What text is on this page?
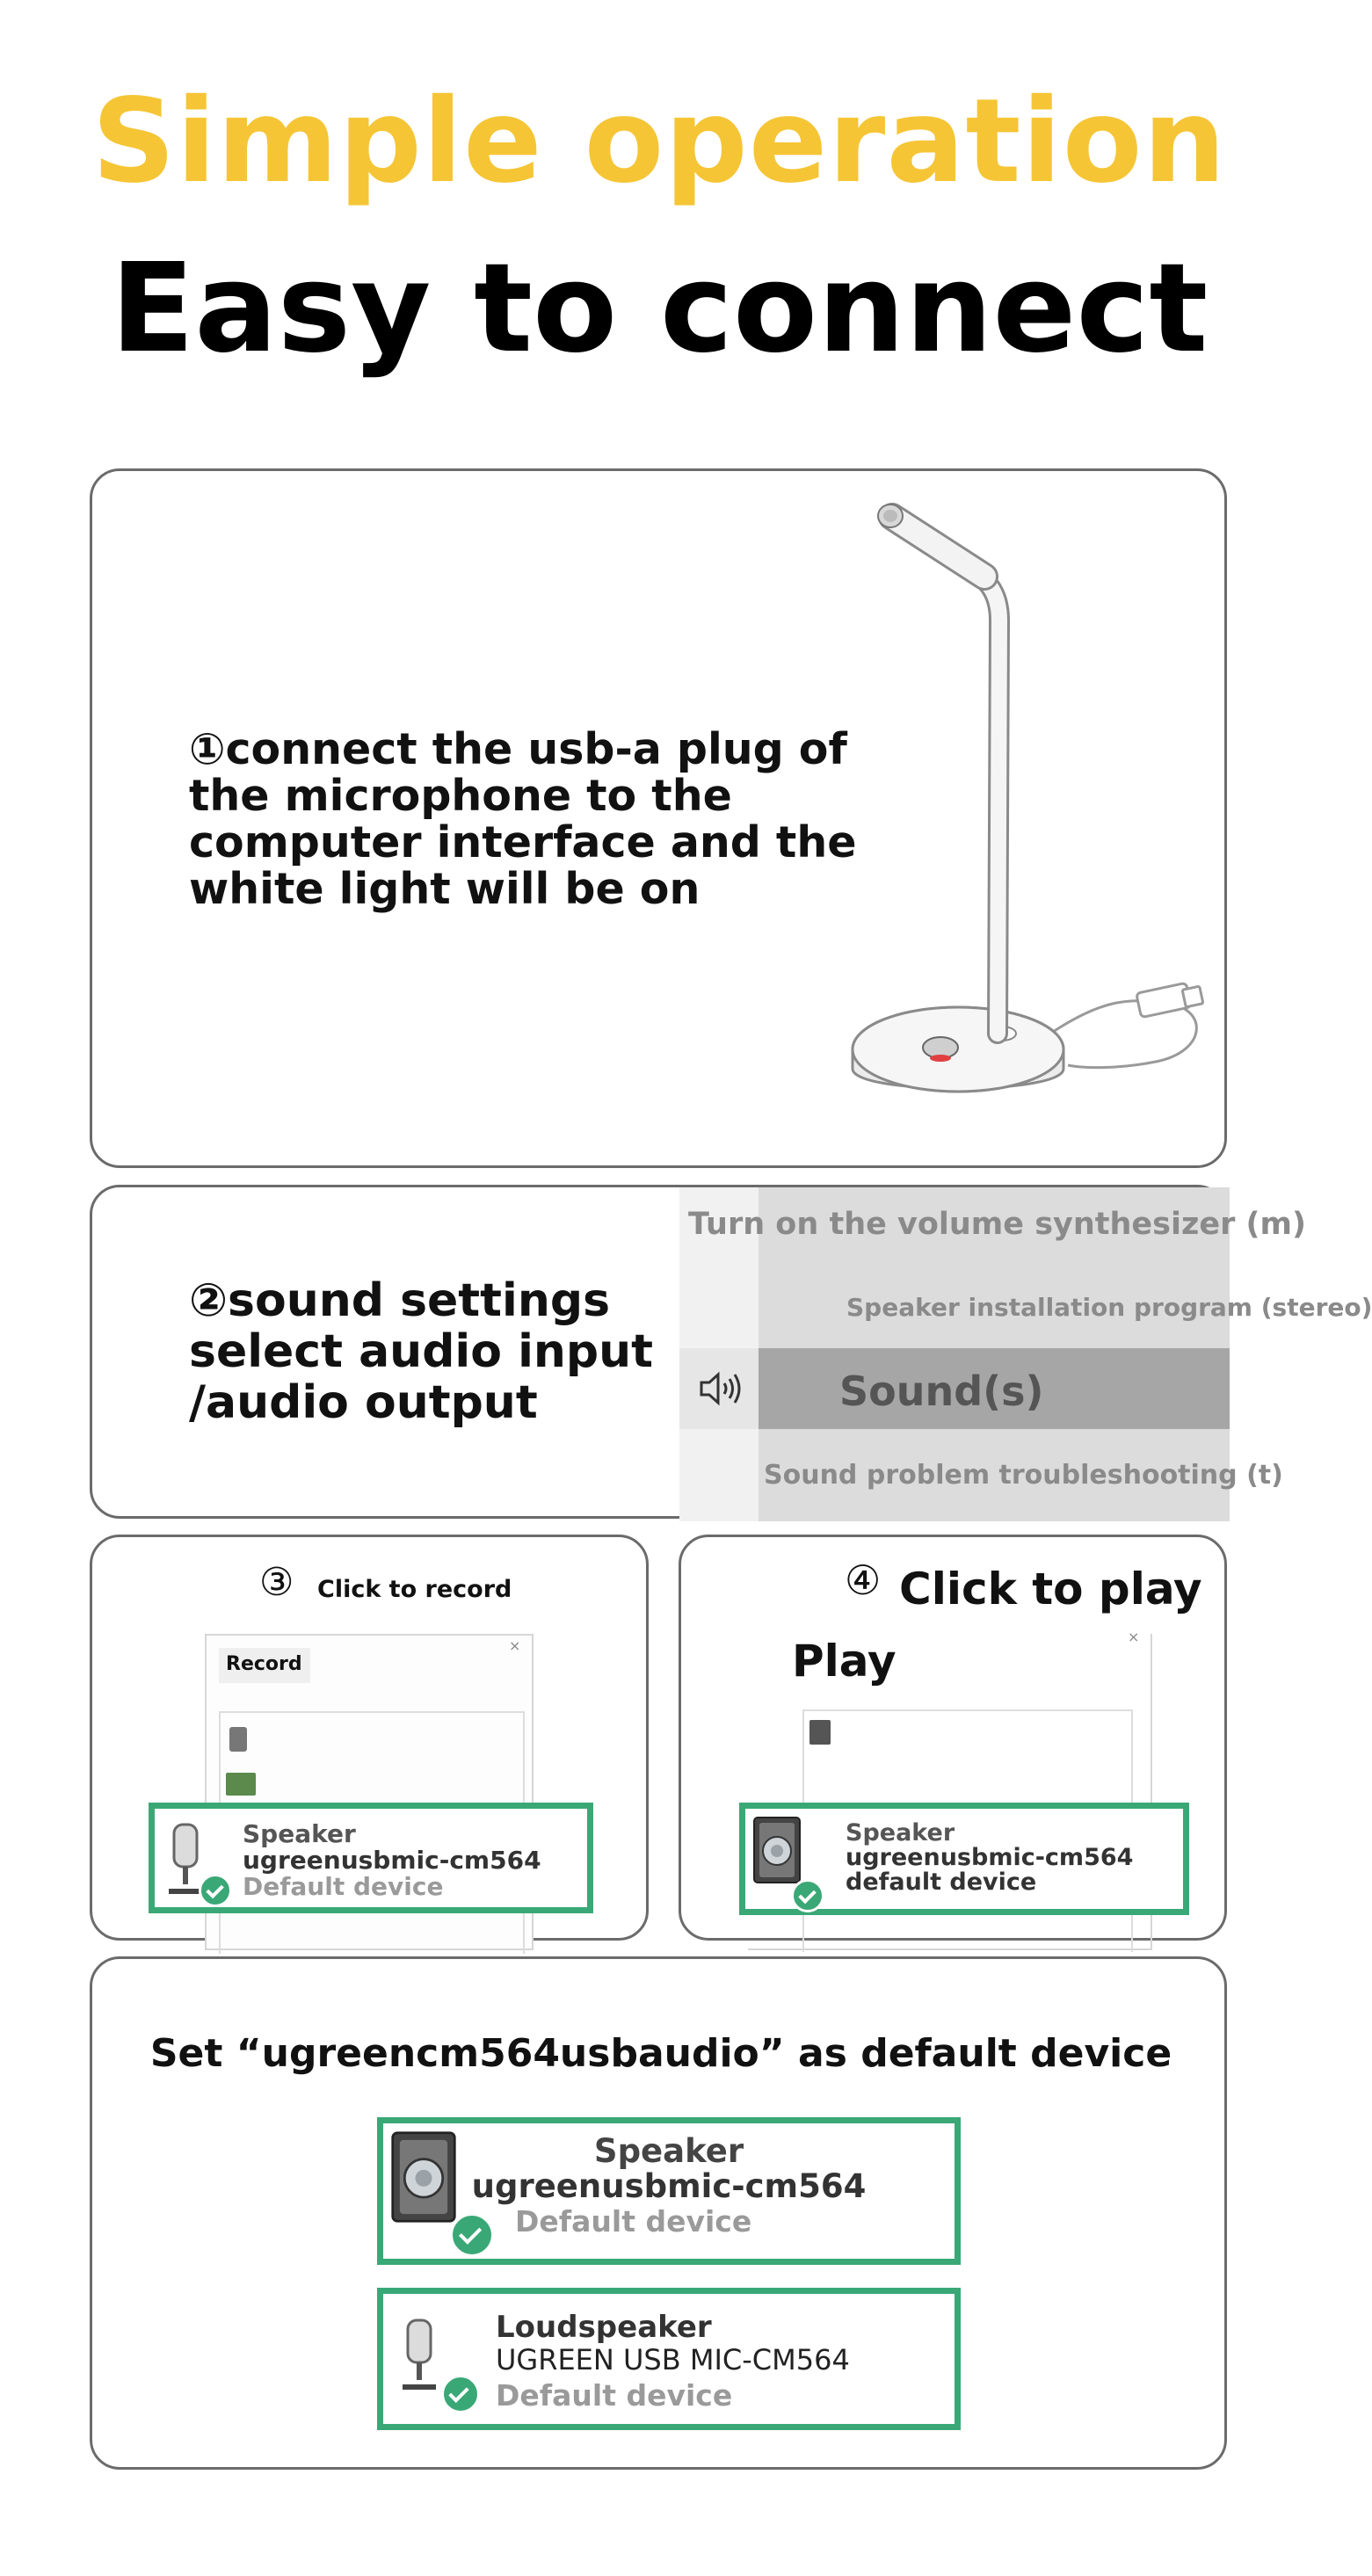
Simple operation
Easy to connect
①connect the usb-a plug of the microphone to the computer interface and the white light will be on
②sound settings
select audio input
/audio output
Turn on the volume synthesizer (m)
Speaker installation program (stereo)
Sound(s)
Sound problem troubleshooting (t)
③ Click to record
×
Record
Speaker
ugreenusbmic-cm564
Default device
④ Click to play
×
Play
Speaker
ugreenusbmic-cm564
default device
Set “ugreencm564usbaudio” as default device
Speaker
ugreenusbmic-cm564
Default device
Loudspeaker
UGREEN USB MIC-CM564
Default device
